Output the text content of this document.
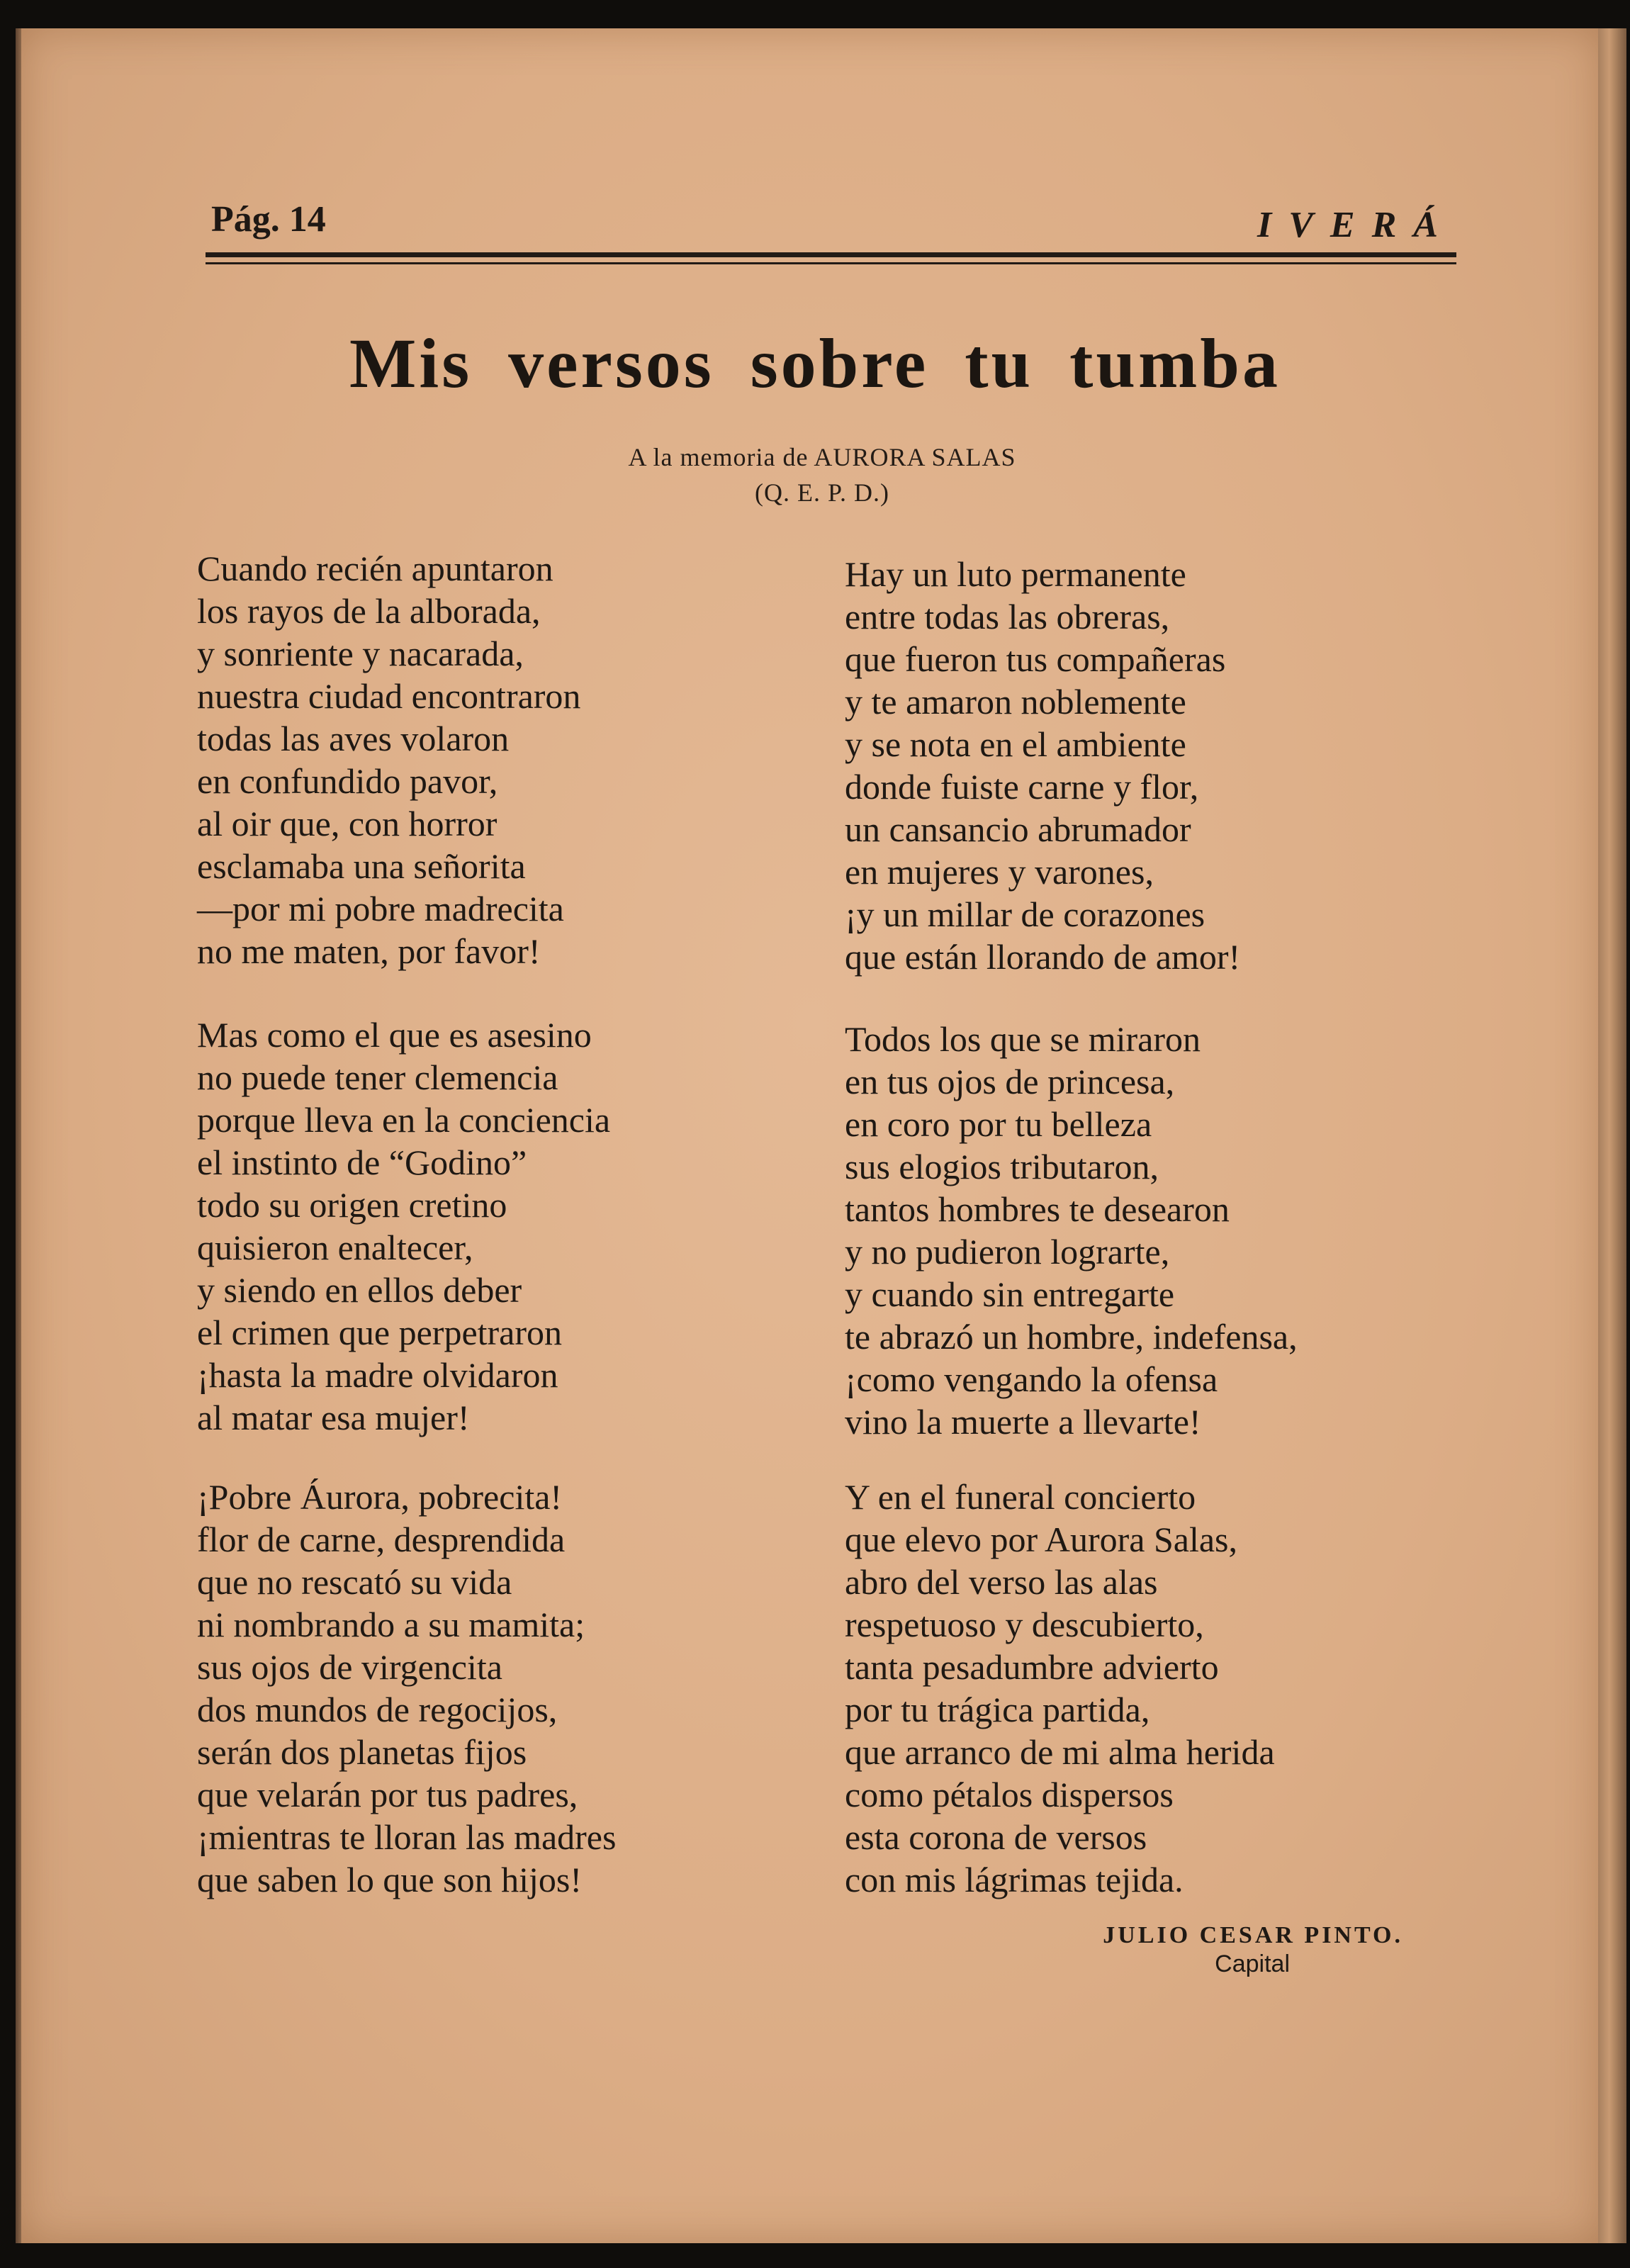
Pág. 14	IVERÁ
Mis versos sobre tu tumba
A la memoria de AURORA SALAS
(Q. E. P. D.)
Cuando recién apuntaron
los rayos de la alborada,
y sonriente y nacarada,
nuestra ciudad encontraron
todas las aves volaron
en confundido pavor,
al oir que, con horror
esclamaba una señorita
—por mi pobre madrecita
no me maten, por favor!
Mas como el que es asesino
no puede tener clemencia
porque lleva en la conciencia
el instinto de “Godino”
todo su origen cretino
quisieron enaltecer,
y siendo en ellos deber
el crimen que perpetraron
¡hasta la madre olvidaron
al matar esa mujer!
¡Pobre Áurora, pobrecita!
flor de carne, desprendida
que no rescató su vida
ni nombrando a su mamita;
sus ojos de virgencita
dos mundos de regocijos,
serán dos planetas fijos
que velarán por tus padres,
¡mientras te lloran las madres
que saben lo que son hijos!
Hay un luto permanente
entre todas las obreras,
que fueron tus compañeras
y te amaron noblemente
y se nota en el ambiente
donde fuiste carne y flor,
un cansancio abrumador
en mujeres y varones,
¡y un millar de corazones
que están llorando de amor!
Todos los que se miraron
en tus ojos de princesa,
en coro por tu belleza
sus elogios tributaron,
tantos hombres te desearon
y no pudieron lograrte,
y cuando sin entregarte
te abrazó un hombre, indefensa,
¡como vengando la ofensa
vino la muerte a llevarte!
Y en el funeral concierto
que elevo por Aurora Salas,
abro del verso las alas
respetuoso y descubierto,
tanta pesadumbre advierto
por tu trágica partida,
que arranco de mi alma herida
como pétalos dispersos
esta corona de versos
con mis lágrimas tejida.
JULIO CESAR PINTO.
Capital
